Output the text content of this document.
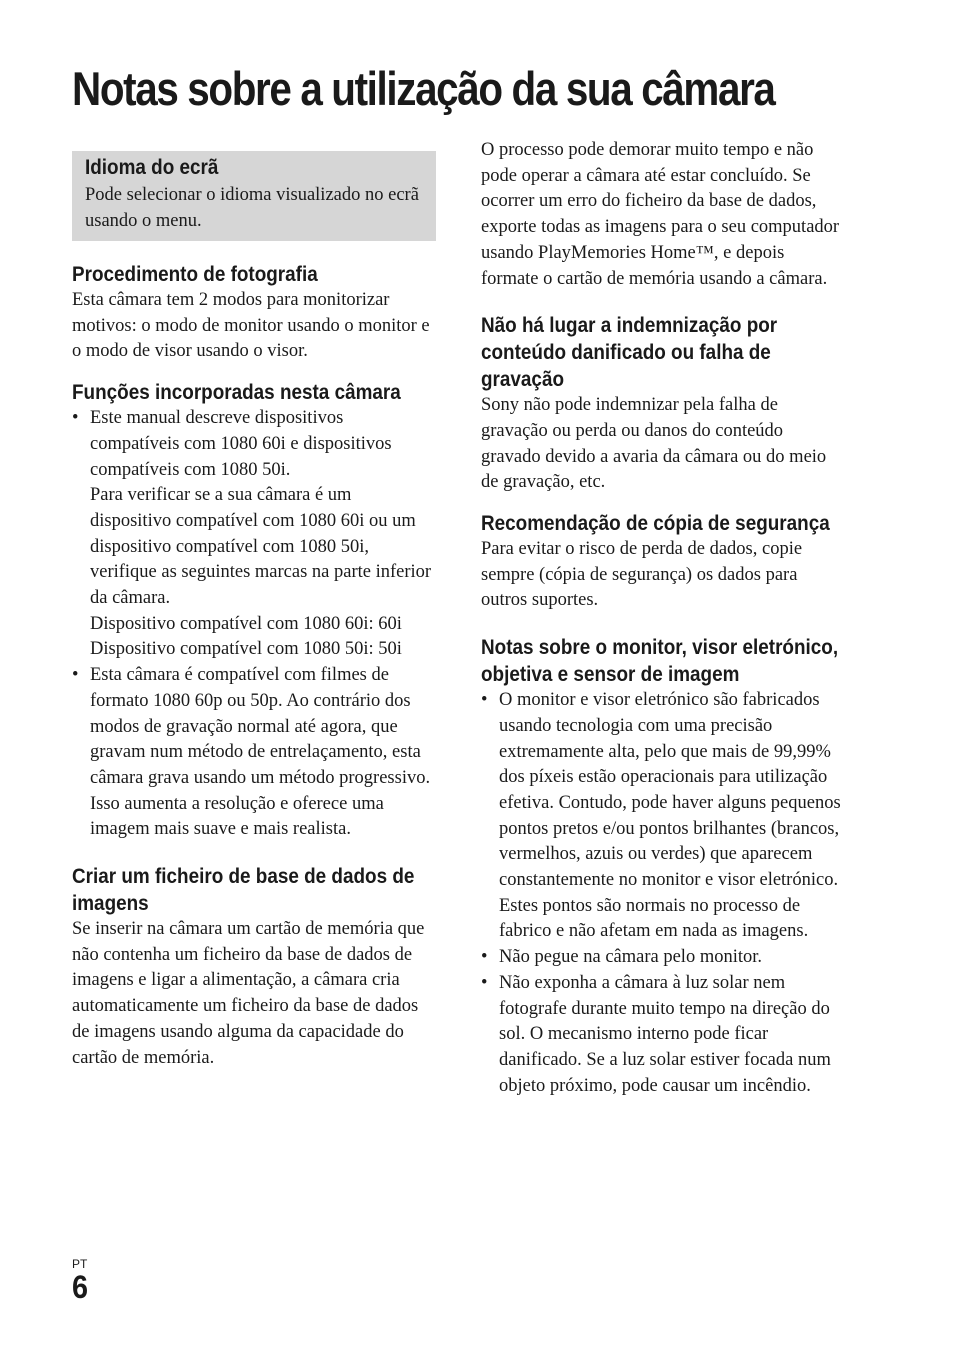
Notas sobre a utilização da sua câmara
Idioma do ecrã

Pode selecionar o idioma visualizado no ecrã usando o menu.

Procedimento de fotografia

Esta câmara tem 2 modos para monitorizar motivos: o modo de monitor usando o monitor e o modo de visor usando o visor.

Funções incorporadas nesta câmara
• Este manual descreve dispositivos compatíveis com 1080 60i e dispositivos compatíveis com 1080 50i.
Para verificar se a sua câmara é um dispositivo compatível com 1080 60i ou um dispositivo compatível com 1080 50i, verifique as seguintes marcas na parte inferior da câmara.
Dispositivo compatível com 1080 60i: 60i
Dispositivo compatível com 1080 50i: 50i
• Esta câmara é compatível com filmes de formato 1080 60p ou 50p. Ao contrário dos modos de gravação normal até agora, que gravam num método de entrelaçamento, esta câmara grava usando um método progressivo. Isso aumenta a resolução e oferece uma imagem mais suave e mais realista.
Criar um ficheiro de base de dados de imagens

Se inserir na câmara um cartão de memória que não contenha um ficheiro da base de dados de imagens e ligar a alimentação, a câmara cria automaticamente um ficheiro da base de dados de imagens usando alguma da capacidade do cartão de memória.

O processo pode demorar muito tempo e não pode operar a câmara até estar concluído. Se ocorrer um erro do ficheiro da base de dados, exporte todas as imagens para o seu computador usando PlayMemories Home™, e depois formate o cartão de memória usando a câmara.

Não há lugar a indemnização por conteúdo danificado ou falha de gravação

Sony não pode indemnizar pela falha de gravação ou perda ou danos do conteúdo gravado devido a avaria da câmara ou do meio de gravação, etc.

Recomendação de cópia de segurança

Para evitar o risco de perda de dados, copie sempre (cópia de segurança) os dados para outros suportes.

Notas sobre o monitor, visor eletrónico, objetiva e sensor de imagem
• O monitor e visor eletrónico são fabricados usando tecnologia com uma precisão extremamente alta, pelo que mais de 99,99% dos píxeis estão operacionais para utilização efetiva. Contudo, pode haver alguns pequenos pontos pretos e/ou pontos brilhantes (brancos, vermelhos, azuis ou verdes) que aparecem constantemente no monitor e visor eletrónico. Estes pontos são normais no processo de fabrico e não afetam em nada as imagens.
• Não pegue na câmara pelo monitor.
• Não exponha a câmara à luz solar nem fotografe durante muito tempo na direção do sol. O mecanismo interno pode ficar danificado. Se a luz solar estiver focada num objeto próximo, pode causar um incêndio.
PT
6
